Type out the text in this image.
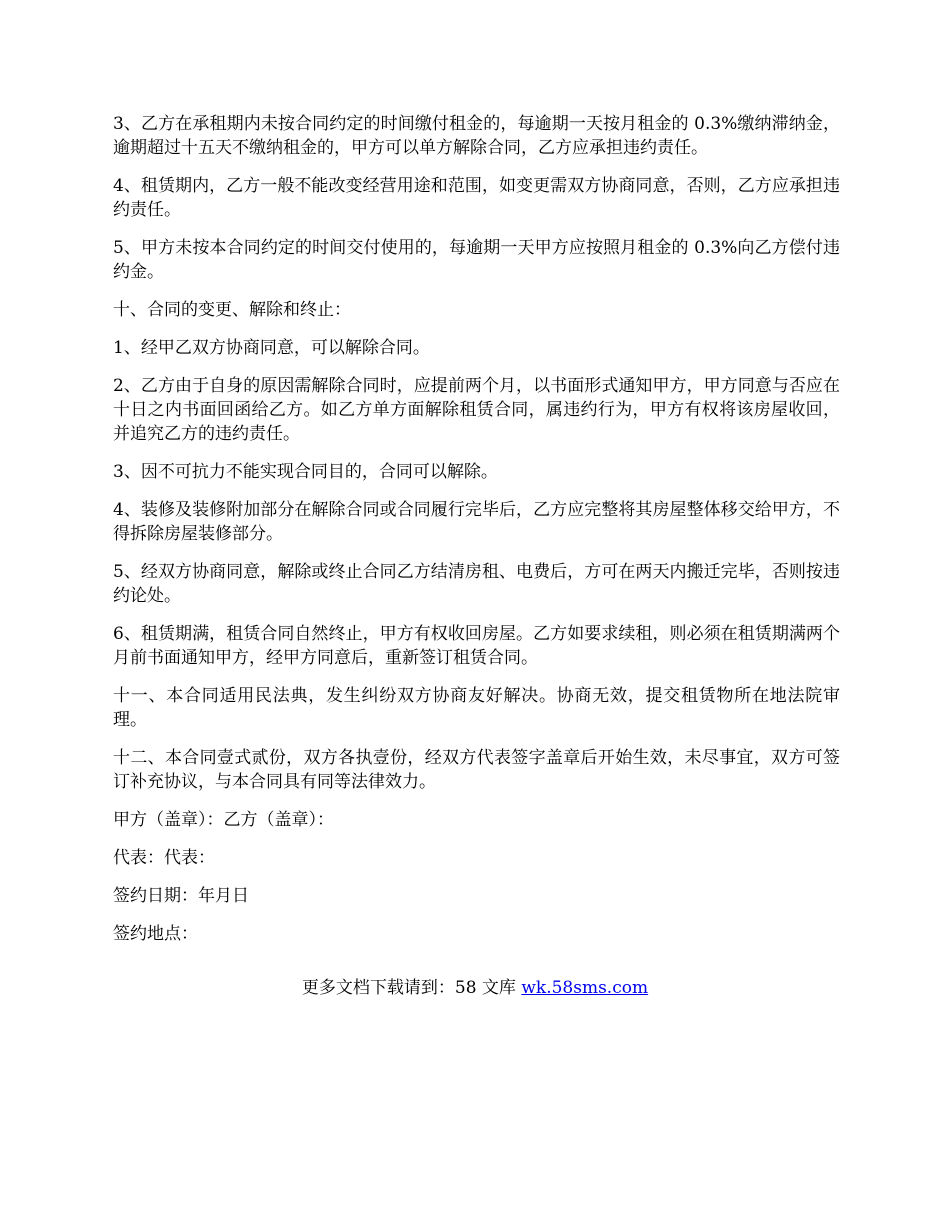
3、乙方在承租期内未按合同约定的时间缴付租金的，每逾期一天按月租金的 0.3%缴纳滞纳金，逾期超过十五天不缴纳租金的，甲方可以单方解除合同，乙方应承担违约责任。

4、租赁期内，乙方一般不能改变经营用途和范围，如变更需双方协商同意，否则，乙方应承担违约责任。

5、甲方未按本合同约定的时间交付使用的，每逾期一天甲方应按照月租金的 0.3%向乙方偿付违约金。

十、合同的变更、解除和终止：

1、经甲乙双方协商同意，可以解除合同。

2、乙方由于自身的原因需解除合同时，应提前两个月，以书面形式通知甲方，甲方同意与否应在十日之内书面回函给乙方。如乙方单方面解除租赁合同，属违约行为，甲方有权将该房屋收回，并追究乙方的违约责任。

3、因不可抗力不能实现合同目的，合同可以解除。

4、装修及装修附加部分在解除合同或合同履行完毕后，乙方应完整将其房屋整体移交给甲方，不得拆除房屋装修部分。

5、经双方协商同意，解除或终止合同乙方结清房租、电费后，方可在两天内搬迁完毕，否则按违约论处。

6、租赁期满，租赁合同自然终止，甲方有权收回房屋。乙方如要求续租，则必须在租赁期满两个月前书面通知甲方，经甲方同意后，重新签订租赁合同。

十一、本合同适用民法典，发生纠纷双方协商友好解决。协商无效，提交租赁物所在地法院审理。

十二、本合同壹式贰份，双方各执壹份，经双方代表签字盖章后开始生效，未尽事宜，双方可签订补充协议，与本合同具有同等法律效力。

甲方（盖章）：乙方（盖章）：

代表：代表：

签约日期：年月日

签约地点：

更多文档下载请到：58 文库 wk.58sms.com
